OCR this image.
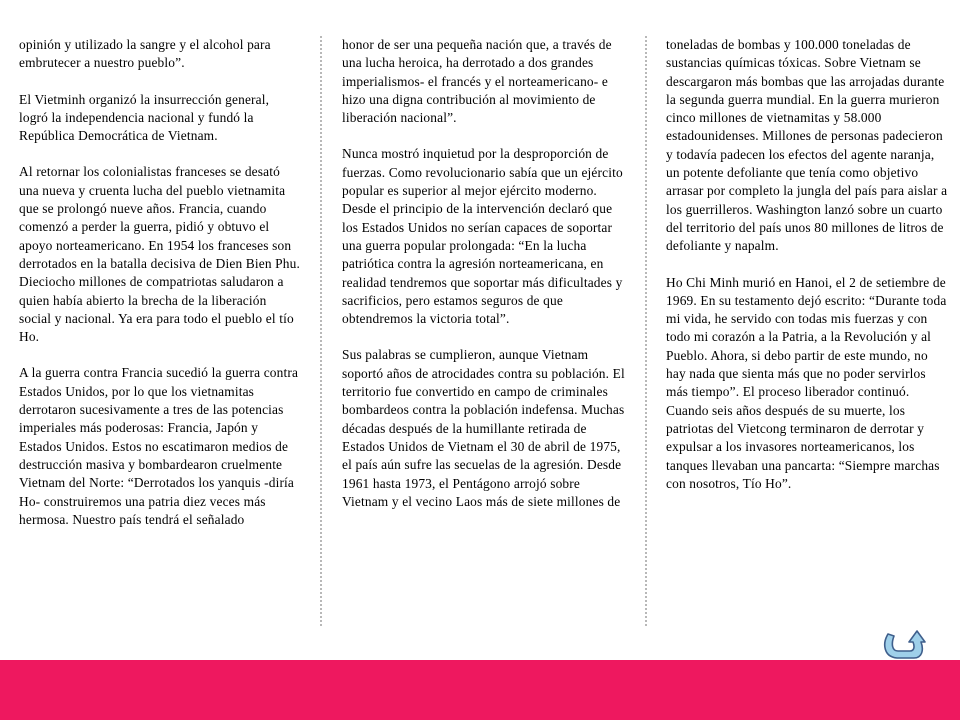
opinión y utilizado la sangre y el alcohol para embrutecer a nuestro pueblo”.

El Vietminh organizó la insurrección general, logró la independencia nacional y fundó la República Democrática de Vietnam.

Al retornar los colonialistas franceses se desató una nueva y cruenta lucha del pueblo vietnamita que se prolongó nueve años. Francia, cuando comenzó a perder la guerra, pidió y obtuvo el apoyo norteamericano. En 1954 los franceses son derrotados en la batalla decisiva de Dien Bien Phu. Dieciocho millones de compatriotas saludaron a quien había abierto la brecha de la liberación social y nacional. Ya era para todo el pueblo el tío Ho.

A la guerra contra Francia sucedió la guerra contra Estados Unidos, por lo que los vietnamitas derrotaron sucesivamente a tres de las potencias imperiales más poderosas: Francia, Japón y Estados Unidos. Estos no escatimaron medios de destrucción masiva y bombardearon cruelmente Vietnam del Norte: “Derrotados los yanquis -diría Ho- construiremos una patria diez veces más hermosa. Nuestro país tendrá el señalado

honor de ser una pequeña nación que, a través de una lucha heroica, ha derrotado a dos grandes imperialismos- el francés y el norteamericano- e hizo una digna contribución al movimiento de liberación nacional”.

Nunca mostró inquietud por la desproporción de fuerzas. Como revolucionario sabía que un ejército popular es superior al mejor ejército moderno. Desde el principio de la intervención declaró que los Estados Unidos no serían capaces de soportar una guerra popular prolongada: “En la lucha patriótica contra la agresión norteamericana, en realidad tendremos que soportar más dificultades y sacrificios, pero estamos seguros de que obtendremos la victoria total”.

Sus palabras se cumplieron, aunque Vietnam soportó años de atrocidades contra su población. El territorio fue convertido en campo de criminales bombardeos contra la población indefensa. Muchas décadas después de la humillante retirada de Estados Unidos de Vietnam el 30 de abril de 1975, el país aún sufre las secuelas de la agresión. Desde 1961 hasta 1973, el Pentágono arrojó sobre Vietnam y el vecino Laos más de siete millones de

toneladas de bombas y 100.000 toneladas de sustancias químicas tóxicas. Sobre Vietnam se descargaron más bombas que las arrojadas durante la segunda guerra mundial. En la guerra murieron cinco millones de vietnamitas y 58.000 estadounidenses. Millones de personas padecieron y todavía padecen los efectos del agente naranja, un potente defoliante que tenía como objetivo arrasar por completo la jungla del país para aislar a los guerrilleros. Washington lanzó sobre un cuarto del territorio del país unos 80 millones de litros de defoliante y napalm.

Ho Chi Minh murió en Hanoi, el 2 de setiembre de 1969. En su testamento dejó escrito: “Durante toda mi vida, he servido con todas mis fuerzas y con todo mi corazón a la Patria, a la Revolución y al Pueblo. Ahora, si debo partir de este mundo, no hay nada que sienta más que no poder servirlos más tiempo”. El proceso liberador continuó. Cuando seis años después de su muerte, los patriotas del Vietcong terminaron de derrotar y expulsar a los invasores norteamericanos, los tanques llevaban una pancarta: “Siempre marchas con nosotros, Tío Ho”.
